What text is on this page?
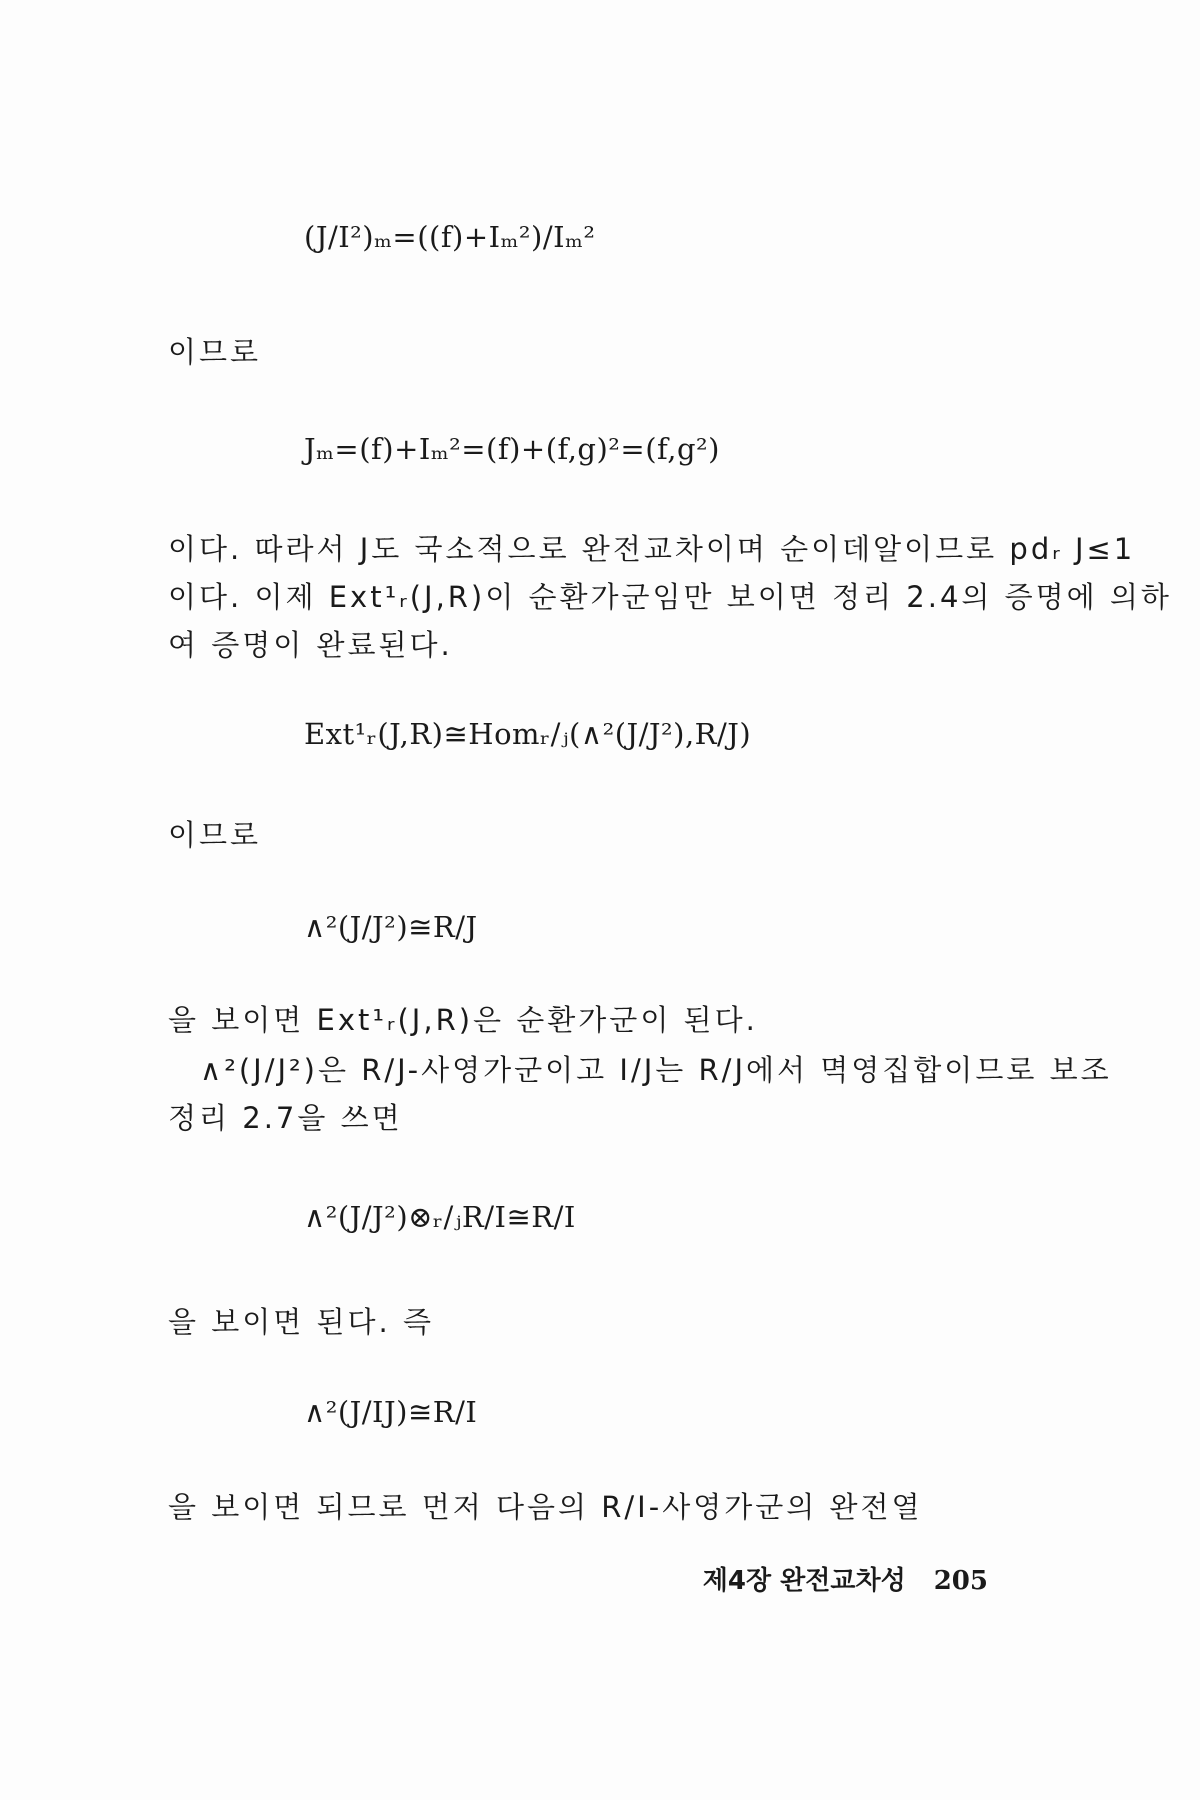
(J/I²)ₘ=((f)+Iₘ²)/Iₘ²
이므로
Jₘ=(f)+Iₘ²=(f)+(f,g)²=(f,g²)
이다. 따라서 J도 국소적으로 완전교차이며 순이데알이므로 pdᵣ J≤1
이다. 이제 Ext¹ᵣ(J,R)이 순환가군임만 보이면 정리 2.4의 증명에 의하
여 증명이 완료된다.
Ext¹ᵣ(J,R)≅Homᵣ/ⱼ(∧²(J/J²),R/J)
이므로
∧²(J/J²)≅R/J
을 보이면 Ext¹ᵣ(J,R)은 순환가군이 된다.
∧²(J/J²)은 R/J-사영가군이고 I/J는 R/J에서 멱영집합이므로 보조
정리 2.7을 쓰면
∧²(J/J²)⊗ᵣ/ⱼR/I≅R/I
을 보이면 된다. 즉
∧²(J/IJ)≅R/I
을 보이면 되므로 먼저 다음의 R/I-사영가군의 완전열
제4장 완전교차성 205
